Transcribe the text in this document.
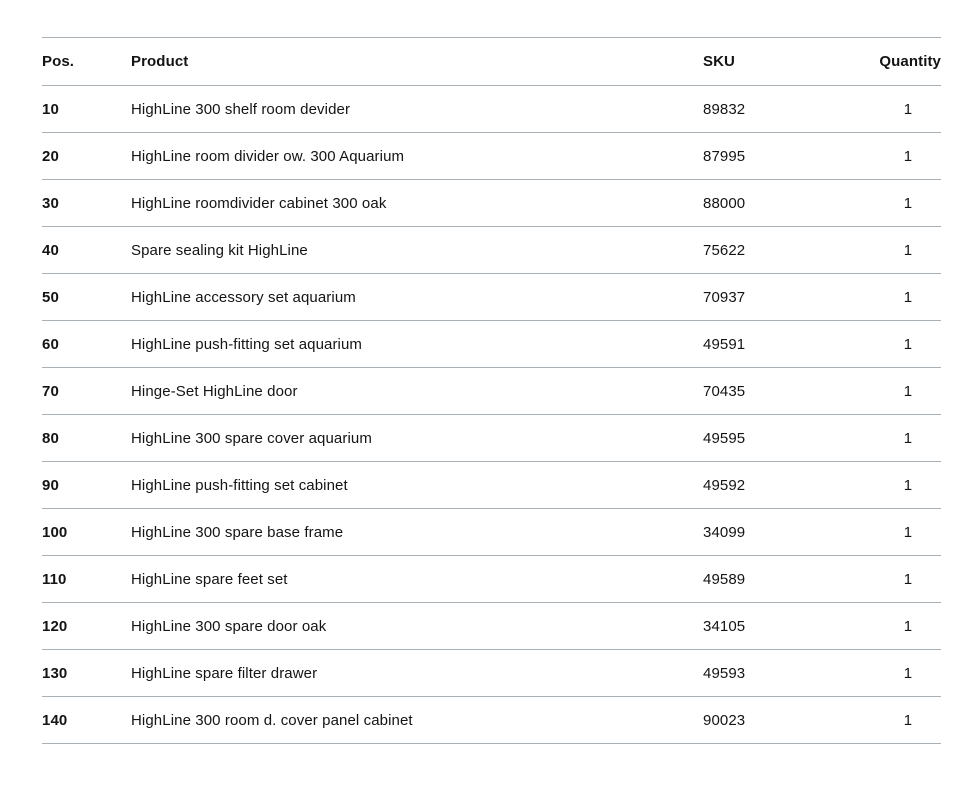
Pos.	Product	SKU	Quantity
10	HighLine 300 shelf room devider	89832	1
20	HighLine room divider ow. 300 Aquarium	87995	1
30	HighLine roomdivider cabinet 300 oak	88000	1
40	Spare sealing kit HighLine	75622	1
50	HighLine accessory set aquarium	70937	1
60	HighLine push-fitting set aquarium	49591	1
70	Hinge-Set HighLine door	70435	1
80	HighLine 300 spare cover aquarium	49595	1
90	HighLine push-fitting set cabinet	49592	1
100	HighLine 300 spare base frame	34099	1
110	HighLine spare feet set	49589	1
120	HighLine 300 spare door oak	34105	1
130	HighLine spare filter drawer	49593	1
140	HighLine 300 room d. cover panel cabinet	90023	1
